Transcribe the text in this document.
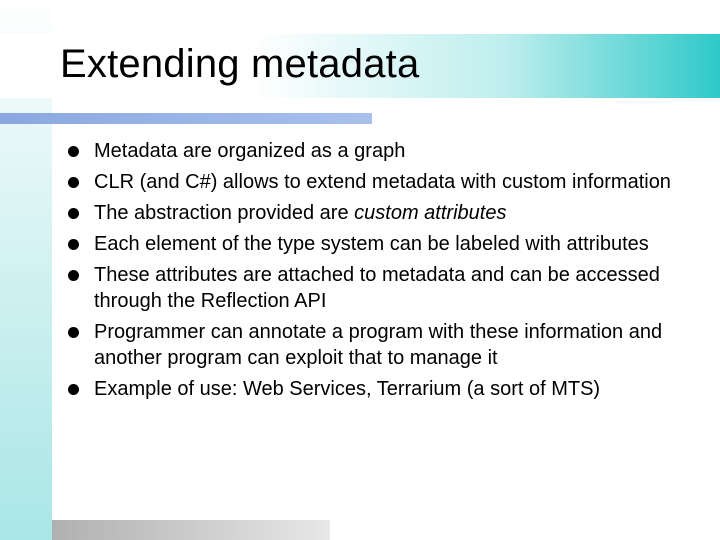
Extending metadata
Metadata are organized as a graph
CLR (and C#) allows to extend metadata with custom information
The abstraction provided are custom attributes
Each element of the type system can be labeled with attributes
These attributes are attached to metadata and can be accessed through the Reflection API
Programmer can annotate a program with these information and another program can exploit that to manage it
Example of use: Web Services, Terrarium (a sort of MTS)
